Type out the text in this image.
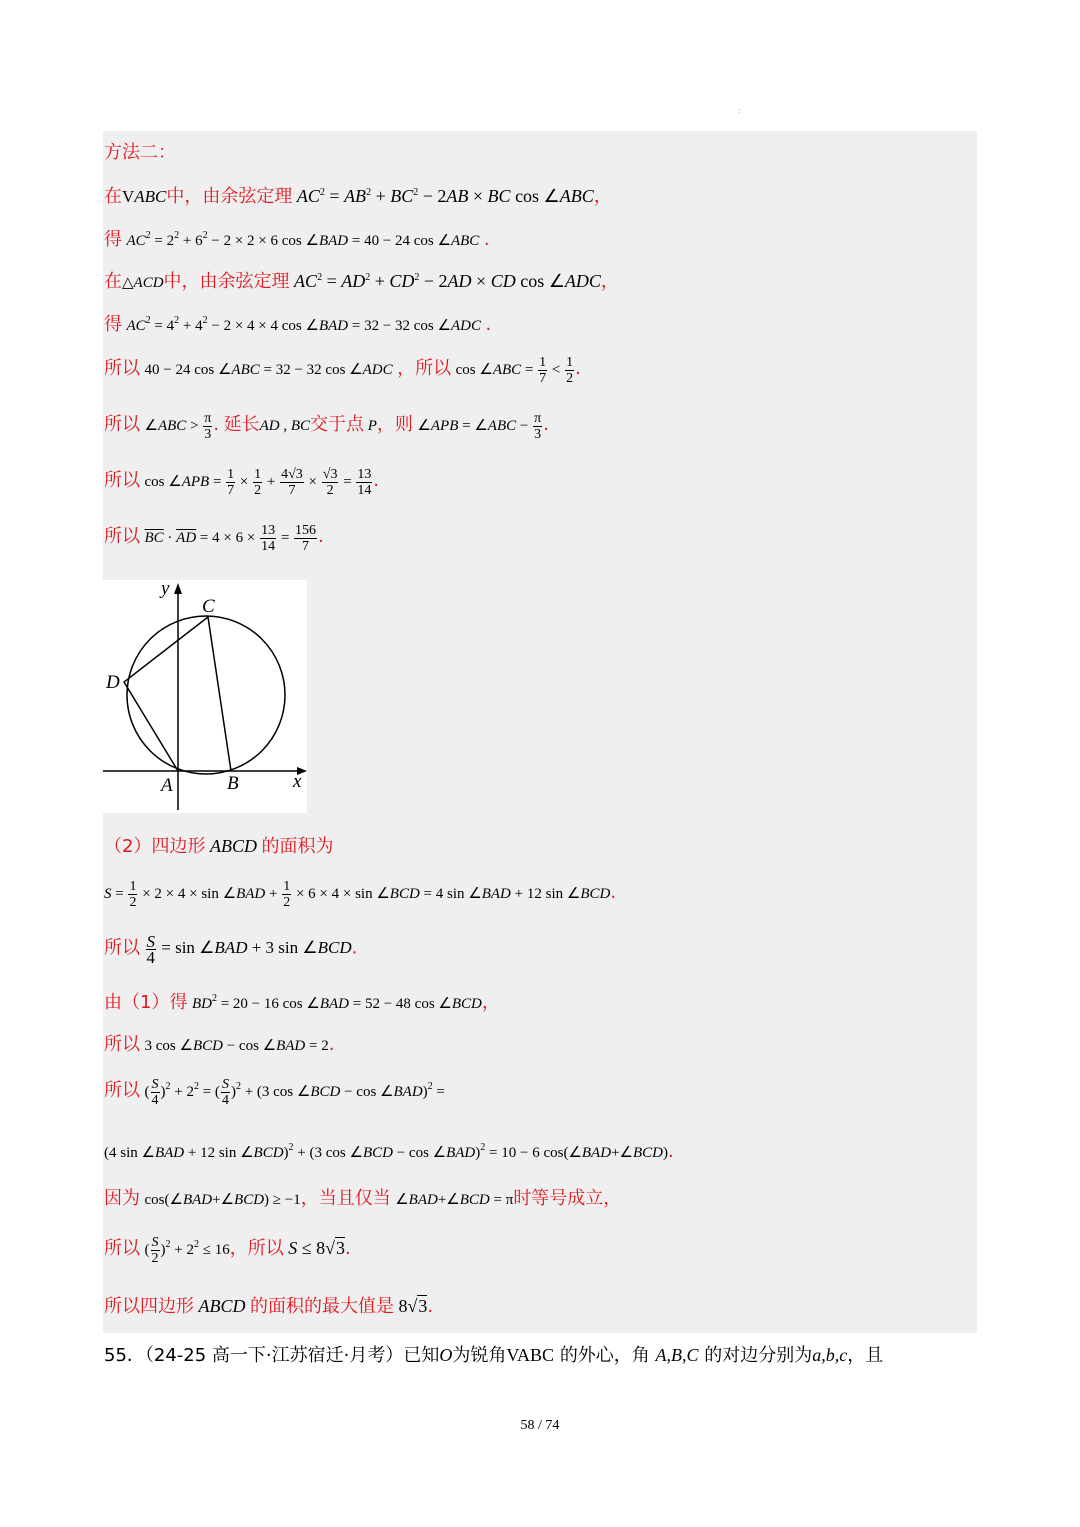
:
方法二：
在VABC中，由余弦定理 $AC^2 = AB^2 + BC^2 - 2AB$ × BC cos ∠ABC，
得 $AC^2 = 2^2 + 6^2 - 2 \times 2 \times 6$ cos ∠BAD = 40 − 24 cos ∠ABC .
在△ACD中，由余弦定理 $AC^2 = AD^2 + CD^2 - 2AD$ × CD cos ∠ADC，
得 $AC^2 = 4^2 + 4^2 - 2 \times 4 \times 4$ cos ∠BAD = 32 − 32 cos ∠ADC .
所以 40 − 24 cos ∠ABC = 32 − 32 cos ∠ADC ，所以 cos ∠ABC = $\frac{1}{7} < \frac{1}{2}$ .
所以 ∠ABC > $\frac{\pi}{3}$ . 延长AD , BC交于点 P，则 ∠APB = ∠ABC − $\frac{\pi}{3}$ .
所以 cos ∠APB = $\frac{1}{7} \times \frac{1}{2} + \frac{4√3}{7} \times \frac{√3}{2} = \frac{13}{14}$ .
所以 $\overline{BC} \cdot \overline{AD} = 4 \times 6 \times \frac{13}{14} = \frac{156}{7}$ .
y
C
D
A	B	x
（2）四边形 ABCD 的面积为
$S = \frac{1}{2} \times 2 \times 4 \times \sin$ ∠BAD + $\frac{1}{2} \times 6 \times 4 \times \sin$ ∠BCD = 4 sin ∠BAD + 12 sin ∠BCD.
所以 $\frac{S}{4} = \sin$ ∠BAD + 3 sin ∠BCD.
由（1）得 $BD^2 = 20 - 16$ cos ∠BAD = 52 − 48 cos ∠BCD，
所以 3 cos ∠BCD − cos ∠BAD = 2.
所以 ( $\frac{S}{4} )^2 + 2^2$ = ( $\frac{S}{4} )^2 + (3$ cos ∠BCD − cos ∠BAD)$^2$ =
(4 sin ∠BAD + 12 sin ∠BCD)$^2$ + (3 cos ∠BCD − cos ∠BAD)$^2$ = 10 − 6 cos(∠BAD+∠BCD).
因为 cos(∠BAD+∠BCD) ≥ −1，当且仅当 ∠BAD+∠BCD = π时等号成立，
所以 ( $\frac{S}{2} )^2 + 2^2 \le 16$，所以 S ≤ 8√3.
所以四边形 ABCD 的面积的最大值是 8√3.
55．（24-25 高一下·江苏宿迁·月考）已知O为锐角VABC 的外心，角 A,B,C 的对边分别为a,b,c，且
58 / 74
